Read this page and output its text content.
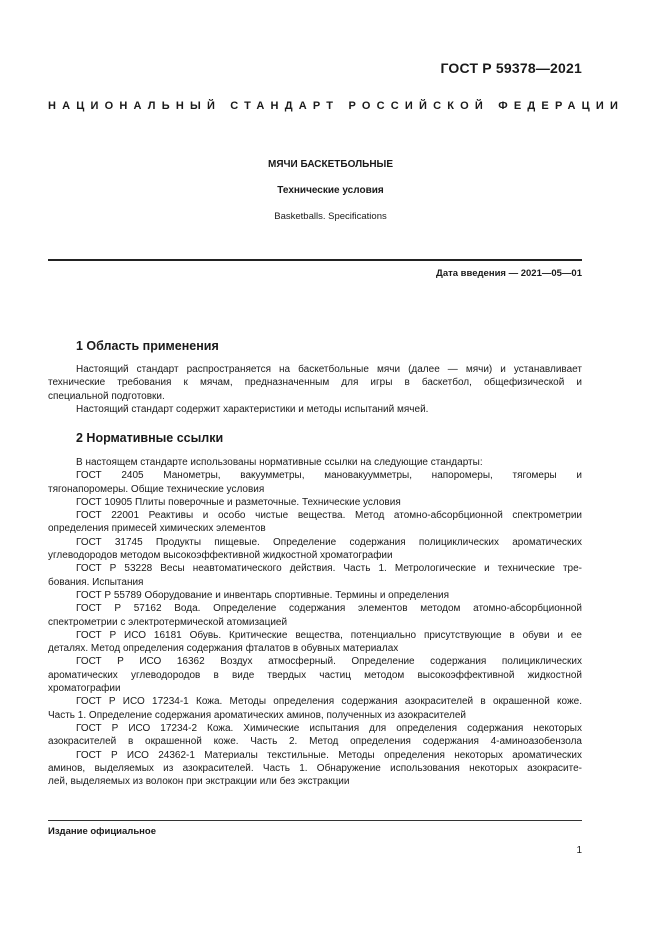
ГОСТ Р 59378—2021
НАЦИОНАЛЬНЫЙ СТАНДАРТ РОССИЙСКОЙ ФЕДЕРАЦИИ
МЯЧИ БАСКЕТБОЛЬНЫЕ
Технические условия
Basketballs. Specifications
Дата введения — 2021—05—01
1 Область применения

Настоящий стандарт распространяется на баскетбольные мячи (далее — мячи) и устанавливает

технические требования к мячам, предназначенным для игры в баскетбол, общефизической и

специальной подготовки.

Настоящий стандарт содержит характеристики и методы испытаний мячей.

2 Нормативные ссылки

В настоящем стандарте использованы нормативные ссылки на следующие стандарты:

ГОСТ 2405 Манометры, вакуумметры, мановакуумметры, напоромеры, тягомеры и

тягонапоромеры. Общие технические условия

ГОСТ 10905 Плиты поверочные и разметочные. Технические условия

ГОСТ 22001 Реактивы и особо чистые вещества. Метод атомно-абсорбционной спектрометрии

определения примесей химических элементов

ГОСТ 31745 Продукты пищевые. Определение содержания полициклических ароматических

углеводородов методом высокоэффективной жидкостной хроматографии

ГОСТ Р 53228 Весы неавтоматического действия. Часть 1. Метрологические и технические тре-

бования. Испытания

ГОСТ Р 55789 Оборудование и инвентарь спортивные. Термины и определения

ГОСТ Р 57162 Вода. Определение содержания элементов методом атомно-абсорбционной

спектрометрии с электротермической атомизацией

ГОСТ Р ИСО 16181 Обувь. Критические вещества, потенциально присутствующие в обуви и ее

деталях. Метод определения содержания фталатов в обувных материалах

ГОСТ Р ИСО 16362 Воздух атмосферный. Определение содержания полициклических

ароматических углеводородов в виде твердых частиц методом высокоэффективной жидкостной

хроматографии

ГОСТ Р ИСО 17234-1 Кожа. Методы определения содержания азокрасителей в окрашенной коже.

Часть 1. Определение содержания ароматических аминов, полученных из азокрасителей

ГОСТ Р ИСО 17234-2 Кожа. Химические испытания для определения содержания некоторых

азокрасителей в окрашенной коже. Часть 2. Метод определения содержания 4-аминоазобензола

ГОСТ Р ИСО 24362-1 Материалы текстильные. Методы определения некоторых ароматических

аминов, выделяемых из азокрасителей. Часть 1. Обнаружение использования некоторых азокрасите-

лей, выделяемых из волокон при экстракции или без экстракции

Издание официальное
1
